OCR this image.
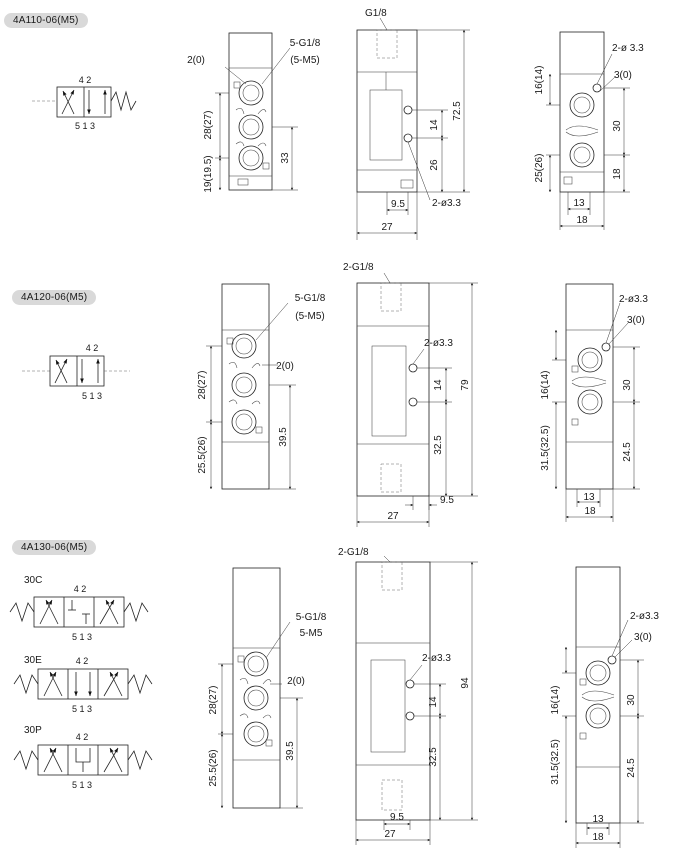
4A110-06(M5)
4A120-06(M5)
4A130-06(M5)
4 2
5 1 3
5-G1/8
(5-M5)
2(0)
28(27)
19(19.5)	33
G1/8
72.5
14
26
2-ø3.3
9.5
27
2-ø 3.3
3(0)
16(14)
25(26)
30
18
13
18
4 2
5 1 3
5-G1/8
(5-M5)
2(0)
28(27)
25.5(26)	39.5
2-G1/8
79
14
32.5
2-ø3.3
9.5
27
2-ø3.3
3(0)
16(14)
31.5(32.5)
30
24.5
13
18
30C
4 2
5 1 3
30E	4 2
5 1 3
30P
4 2
5 1 3
5-G1/8
5-M5
2(0)
28(27)
25.5(26)	39.5
2-G1/8
94
14
32.5
2-ø3.3
9.5
27
2-ø3.3
3(0)
16(14)
31.5(32.5)
30
24.5
13
18
